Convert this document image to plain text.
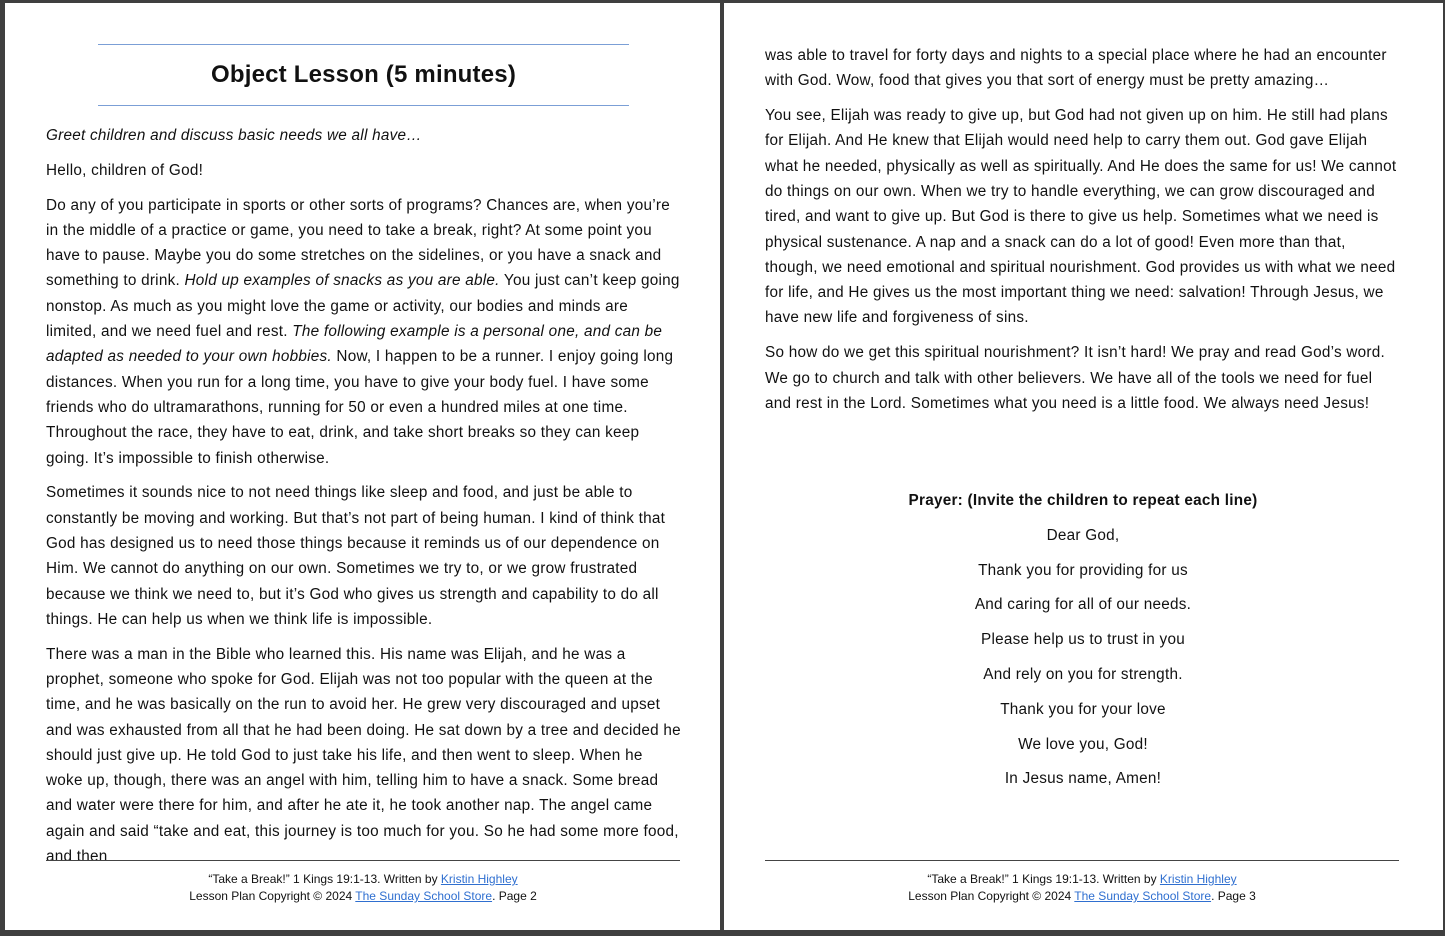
Object Lesson (5 minutes)

Greet children and discuss basic needs we all have…

Hello, children of God!

Do any of you participate in sports or other sorts of programs? Chances are, when you’re in the middle of a practice or game, you need to take a break, right? At some point you have to pause. Maybe you do some stretches on the sidelines, or you have a snack and something to drink. Hold up examples of snacks as you are able. You just can’t keep going nonstop. As much as you might love the game or activity, our bodies and minds are limited, and we need fuel and rest. The following example is a personal one, and can be adapted as needed to your own hobbies. Now, I happen to be a runner. I enjoy going long distances. When you run for a long time, you have to give your body fuel. I have some friends who do ultramarathons, running for 50 or even a hundred miles at one time. Throughout the race, they have to eat, drink, and take short breaks so they can keep going. It’s impossible to finish otherwise.

Sometimes it sounds nice to not need things like sleep and food, and just be able to constantly be moving and working. But that’s not part of being human. I kind of think that God has designed us to need those things because it reminds us of our dependence on Him. We cannot do anything on our own. Sometimes we try to, or we grow frustrated because we think we need to, but it’s God who gives us strength and capability to do all things. He can help us when we think life is impossible.

There was a man in the Bible who learned this. His name was Elijah, and he was a prophet, someone who spoke for God. Elijah was not too popular with the queen at the time, and he was basically on the run to avoid her. He grew very discouraged and upset and was exhausted from all that he had been doing. He sat down by a tree and decided he should just give up. He told God to just take his life, and then went to sleep. When he woke up, though, there was an angel with him, telling him to have a snack. Some bread and water were there for him, and after he ate it, he took another nap. The angel came again and said “take and eat, this journey is too much for you. So he had some more food, and then

“Take a Break!” 1 Kings 19:1-13. Written by Kristin Highley
Lesson Plan Copyright © 2024 The Sunday School Store. Page 2

was able to travel for forty days and nights to a special place where he had an encounter with God. Wow, food that gives you that sort of energy must be pretty amazing…

You see, Elijah was ready to give up, but God had not given up on him. He still had plans for Elijah. And He knew that Elijah would need help to carry them out. God gave Elijah what he needed, physically as well as spiritually. And He does the same for us! We cannot do things on our own. When we try to handle everything, we can grow discouraged and tired, and want to give up. But God is there to give us help. Sometimes what we need is physical sustenance. A nap and a snack can do a lot of good! Even more than that, though, we need emotional and spiritual nourishment. God provides us with what we need for life, and He gives us the most important thing we need: salvation! Through Jesus, we have new life and forgiveness of sins.

So how do we get this spiritual nourishment? It isn’t hard! We pray and read God’s word. We go to church and talk with other believers. We have all of the tools we need for fuel and rest in the Lord. Sometimes what you need is a little food. We always need Jesus!

Prayer: (Invite the children to repeat each line)
Dear God,
Thank you for providing for us
And caring for all of our needs.
Please help us to trust in you
And rely on you for strength.
Thank you for your love
We love you, God!
In Jesus name, Amen!
“Take a Break!” 1 Kings 19:1-13. Written by Kristin Highley
Lesson Plan Copyright © 2024 The Sunday School Store. Page 3
